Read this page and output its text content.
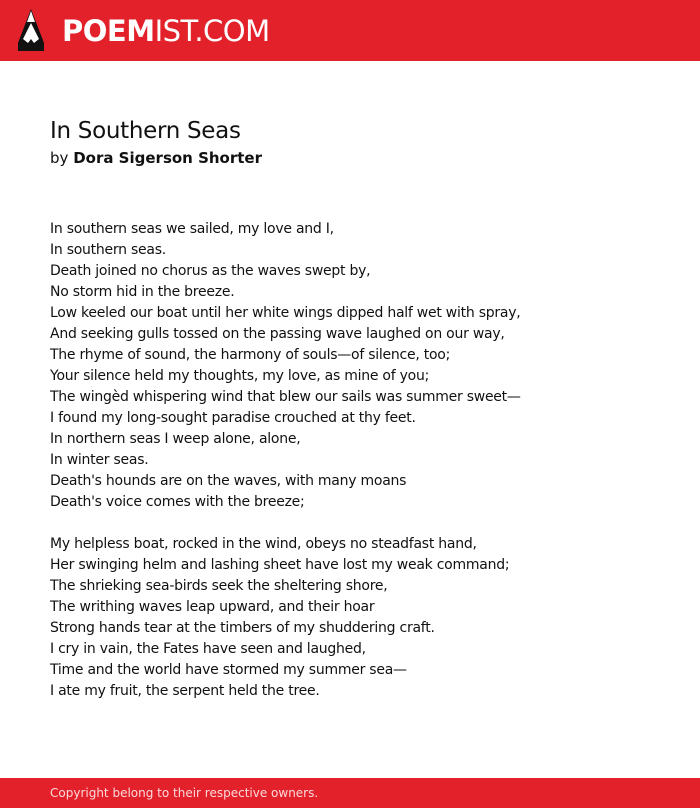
POEMIST.COM
In Southern Seas
by Dora Sigerson Shorter
In southern seas we sailed, my love and I,
In southern seas.
Death joined no chorus as the waves swept by,
No storm hid in the breeze.
Low keeled our boat until her white wings dipped half wet with spray,
And seeking gulls tossed on the passing wave laughed on our way,
The rhyme of sound, the harmony of souls—of silence, too;
Your silence held my thoughts, my love, as mine of you;
The wingèd whispering wind that blew our sails was summer sweet—
I found my long-sought paradise crouched at thy feet.
In northern seas I weep alone, alone,
In winter seas.
Death's hounds are on the waves, with many moans
Death's voice comes with the breeze;
My helpless boat, rocked in the wind, obeys no steadfast hand,
Her swinging helm and lashing sheet have lost my weak command;
The shrieking sea-birds seek the sheltering shore,
The writhing waves leap upward, and their hoar
Strong hands tear at the timbers of my shuddering craft.
I cry in vain, the Fates have seen and laughed,
Time and the world have stormed my summer sea—
I ate my fruit, the serpent held the tree.
Copyright belong to their respective owners.
